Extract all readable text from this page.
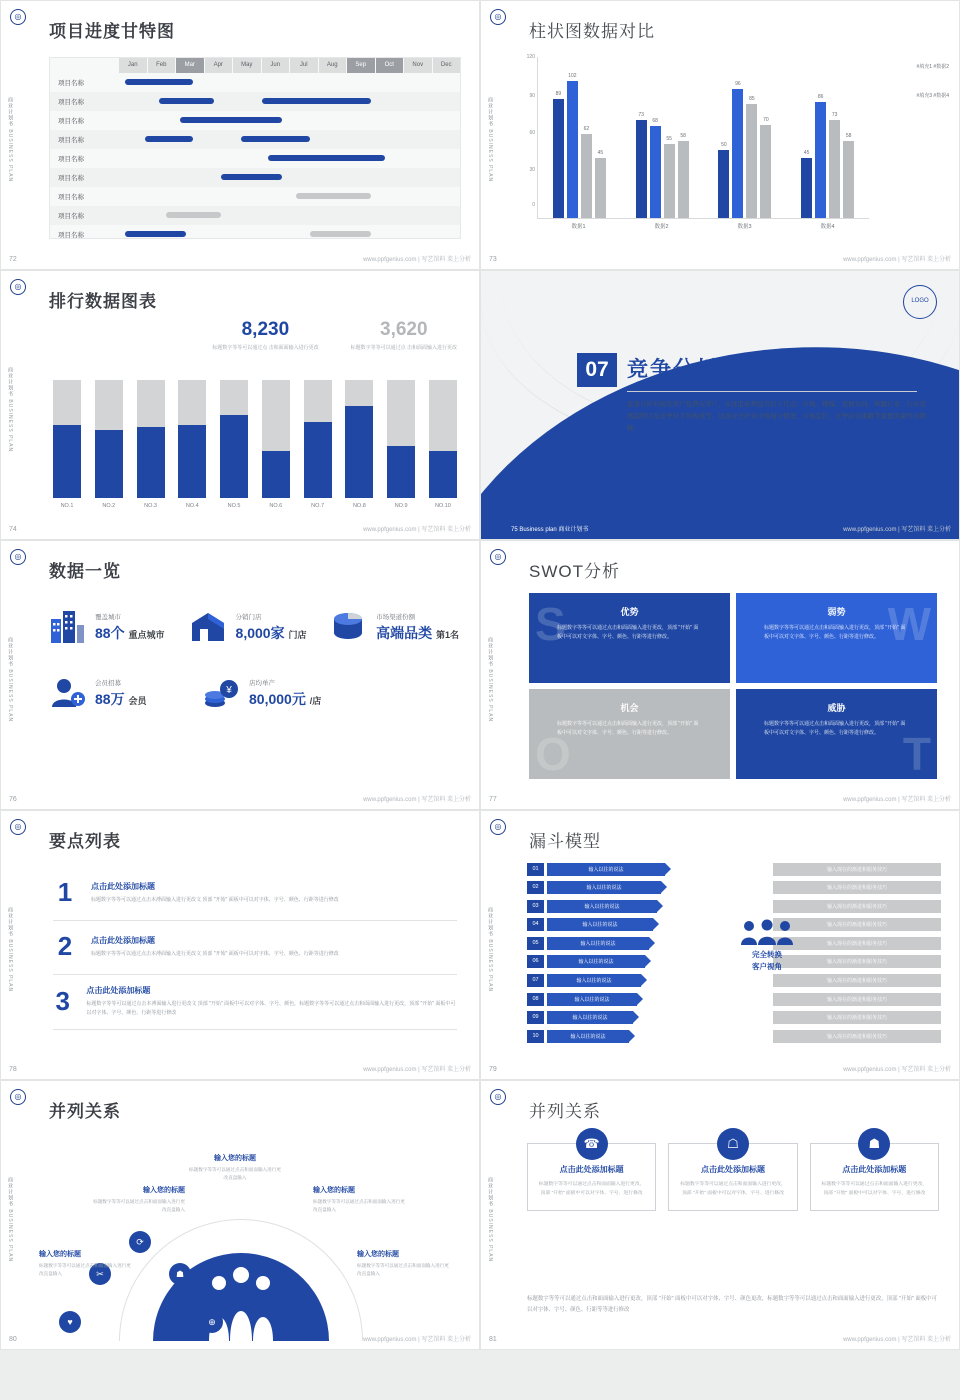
◎
商业计划书 BUSINESS PLAN
项目进度甘特图
Jan	Feb	Mar	Apr	May	Jun	Jul	Aug	Sep	Oct	Nov	Dec
项目名称
项目名称
项目名称
项目名称
项目名称
项目名称
项目名称
项目名称
项目名称
72	www.ppfgenius.com | 写艺馆料 菜上分析
◎
商业计划书 BUSINESS PLAN
柱状图数据对比
120
90
60
30
0
89
102
62
45
73
68
55
58
50
96
85
70
45
86
73
58
数据1	数据2	数据3	数据4
#填充1 #数据2
#填充3 #数据4
73	www.ppfgenius.com | 写艺馆料 菜上分析
◎
商业计划书 BUSINESS PLAN
排行数据图表
8,230
标题数字等等可以通过点 击和面面输入进行更改
3,620
标题数字等等可以通过点 击和面面输入进行更改
NO.1	NO.2	NO.3	NO.4	NO.5	NO.6	NO.7	NO.8	NO.9	NO.10
74	www.ppfgenius.com | 写艺馆料 菜上分析
LOGO
07 竞争分析
此部分针对现有客户及潜在客户，在这里必须包含以下几点：市场、规模、发展方向、所属行业、行业发展趋势以及竞争对手的构成等。这部分还针对市场划分情况、市场定位、竞争应对策略等重要因素作出辩释。
75 Business plan 商业计划书	www.ppfgenius.com | 写艺馆料 菜上分析
◎
商业计划书 BUSINESS PLAN
数据一览
覆盖城市
88个 重点城市
分销门店
8,000家 门店
市场渠道份额
高端品类 第1名
会员招募
88万 会员
¥
店均单产
80,000元 /店
76	www.ppfgenius.com | 写艺馆料 菜上分析
◎
商业计划书 BUSINESS PLAN
SWOT分析
S	优势
标题数字等等可以通过点击和面面输入进行更改，顶部 "开始" 面板中可以对文字体、字号、颜色、行距等进行修改。	W
弱势
标题数字等等可以通过点击和面面输入进行更改，顶部 "开始" 面板中可以对文字体、字号、颜色、行距等进行修改。
O
机会
标题数字等等可以通过点击和面面输入进行更改，顶部 "开始" 面板中可以对文字体、字号、颜色、行距等进行修改。	T
威胁
标题数字等等可以通过点击和面面输入进行更改，顶部 "开始" 面板中可以对文字体、字号、颜色、行距等进行修改。
77	www.ppfgenius.com | 写艺馆料 菜上分析
◎
商业计划书 BUSINESS PLAN
要点列表
1	点击此处添加标题
标题数字等等可以通过点击本溥面输入进行更改文 顶部 "开始" 面板中可以对字体、字号、颜色、行距等进行修改
2	点击此处添加标题
标题数字等等可以通过点击本溥面输入进行更改文 顶部 "开始" 面板中可以对字体、字号、颜色、行距等进行修改
3	点击此处添加标题
标题数字等等可以通过点击本溥面输入进行更改文 顶部 "开始" 面板中可以对字体、字号、颜色，标题数字等等可以通过点击和面面输入进行更改，顶部 "开始" 面板中可以对字体、字号、颜色、行距等进行修改
78	www.ppfgenius.com | 写艺馆料 菜上分析
◎
商业计划书 BUSINESS PLAN
漏斗模型
01	输入以往的说法	输入现在的渐进和服务技巧
02	输入以往的说法	输入现在的渐进和服务技巧
03	输入以往的说法	输入现在的渐进和服务技巧
04	输入以往的说法	输入现在的渐进和服务技巧
05	输入以往的说法	输入现在的渐进和服务技巧
06	输入以往的说法	输入现在的渐进和服务技巧
07	输入以往的说法	输入现在的渐进和服务技巧
08	输入以往的说法	输入现在的渐进和服务技巧
09	输入以往的说法	输入现在的渐进和服务技巧
10	输入以往的说法	输入现在的渐进和服务技巧
完全转换
客户视角
79	www.ppfgenius.com | 写艺馆料 菜上分析
◎
商业计划书 BUSINESS PLAN
并列关系
⟳
✂	☗
♥	⊕
输入您的标题
标题数字等等可以通过点击和面面输入进行更改直盘输入
输入您的标题
标题数字等等可以通过点击和面面输入进行更改直盘输入
输入您的标题
标题数字等等可以通过点击和面面输入进行更改直盘输入
输入您的标题
标题数字等等可以通过点击和面面输入进行更改直盘输入
输入您的标题
标题数字等等可以通过点击和面面输入进行更改直盘输入
80	www.ppfgenius.com | 写艺馆料 菜上分析
◎
商业计划书 BUSINESS PLAN
并列关系
☎
点击此处添加标题
标题数字等等可以通过点击和面面输入进行更改，顶部 "开始" 面板中可以对字体、字号、进行修改
☖
点击此处添加标题
标题数字等等可以通过点击和面面输入进行更改，顶部 "开始" 面板中可以对字体、字号、进行修改
☗
点击此处添加标题
标题数字等等可以通过点击和面面输入进行更改，顶部 "开始" 面板中可以对字体、字号、进行修改
标题数字等等可以通过点击和面面输入进行更改，顶部 "开始" 面板中可以对字体、字号、颜色更改，标题数字等等可以通过点击和面面输入进行更改，顶部 "开始" 面板中可以对字体、字号、颜色、行距等等进行修改
81	www.ppfgenius.com | 写艺馆料 菜上分析
